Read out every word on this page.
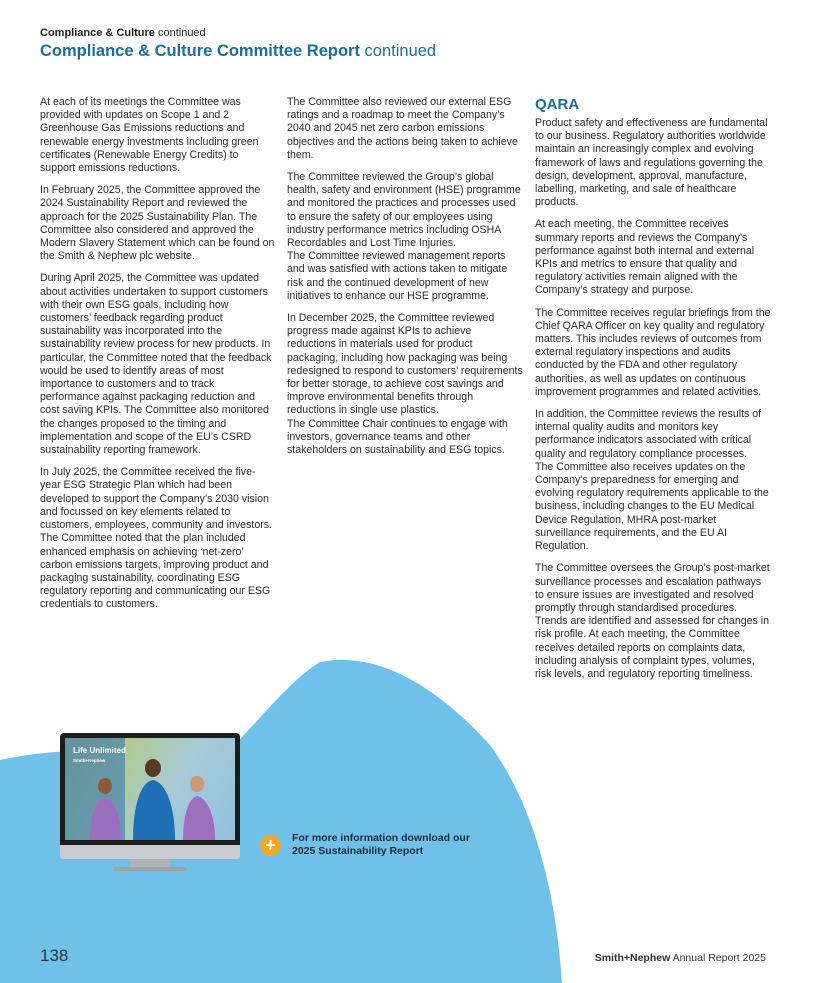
Compliance & Culture continued
Compliance & Culture Committee Report continued

At each of its meetings the Committee was provided with updates on Scope 1 and 2 Greenhouse Gas Emissions reductions and renewable energy investments including green certificates (Renewable Energy Credits) to support emissions reductions.

In February 2025, the Committee approved the 2024 Sustainability Report and reviewed the approach for the 2025 Sustainability Plan. The Committee also considered and approved the Modern Slavery Statement which can be found on the Smith & Nephew plc website.

During April 2025, the Committee was updated about activities undertaken to support customers with their own ESG goals, including how customers’ feedback regarding product sustainability was incorporated into the sustainability review process for new products. In particular, the Committee noted that the feedback would be used to identify areas of most importance to customers and to track performance against packaging reduction and cost saving KPIs. The Committee also monitored the changes proposed to the timing and implementation and scope of the EU’s CSRD sustainability reporting framework.

In July 2025, the Committee received the five-year ESG Strategic Plan which had been developed to support the Company’s 2030 vision and focussed on key elements related to customers, employees, community and investors. The Committee noted that the plan included enhanced emphasis on achieving ‘net-zero’ carbon emissions targets, improving product and packaging sustainability, coordinating ESG regulatory reporting and communicating our ESG credentials to customers.

The Committee also reviewed our external ESG ratings and a roadmap to meet the Company’s 2040 and 2045 net zero carbon emissions objectives and the actions being taken to achieve them.

The Committee reviewed the Group’s global health, safety and environment (HSE) programme and monitored the practices and processes used to ensure the safety of our employees using industry performance metrics including OSHA Recordables and Lost Time Injuries.

The Committee reviewed management reports and was satisfied with actions taken to mitigate risk and the continued development of new initiatives to enhance our HSE programme.

In December 2025, the Committee reviewed progress made against KPIs to achieve reductions in materials used for product packaging, including how packaging was being redesigned to respond to customers’ requirements for better storage, to achieve cost savings and improve environmental benefits through reductions in single use plastics.

The Committee Chair continues to engage with investors, governance teams and other stakeholders on sustainability and ESG topics.

QARA

Product safety and effectiveness are fundamental to our business. Regulatory authorities worldwide maintain an increasingly complex and evolving framework of laws and regulations governing the design, development, approval, manufacture, labelling, marketing, and sale of healthcare products.

At each meeting, the Committee receives summary reports and reviews the Company’s performance against both internal and external KPIs and metrics to ensure that quality and regulatory activities remain aligned with the Company’s strategy and purpose.

The Committee receives regular briefings from the Chief QARA Officer on key quality and regulatory matters. This includes reviews of outcomes from external regulatory inspections and audits conducted by the FDA and other regulatory authorities, as well as updates on continuous improvement programmes and related activities.

In addition, the Committee reviews the results of internal quality audits and monitors key performance indicators associated with critical quality and regulatory compliance processes.

The Committee also receives updates on the Company’s preparedness for emerging and evolving regulatory requirements applicable to the business, including changes to the EU Medical Device Regulation, MHRA post-market surveillance requirements, and the EU AI Regulation.

The Committee oversees the Group’s post-market surveillance processes and escalation pathways to ensure issues are investigated and resolved promptly through standardised procedures.

Trends are identified and assessed for changes in risk profile. At each meeting, the Committee receives detailed reports on complaints data, including analysis of complaint types, volumes, risk levels, and regulatory reporting timeliness.

Life Unlimited
Smith+Nephew
+	For more information download our 2025 Sustainability Report
138	Smith+Nephew Annual Report 2025
